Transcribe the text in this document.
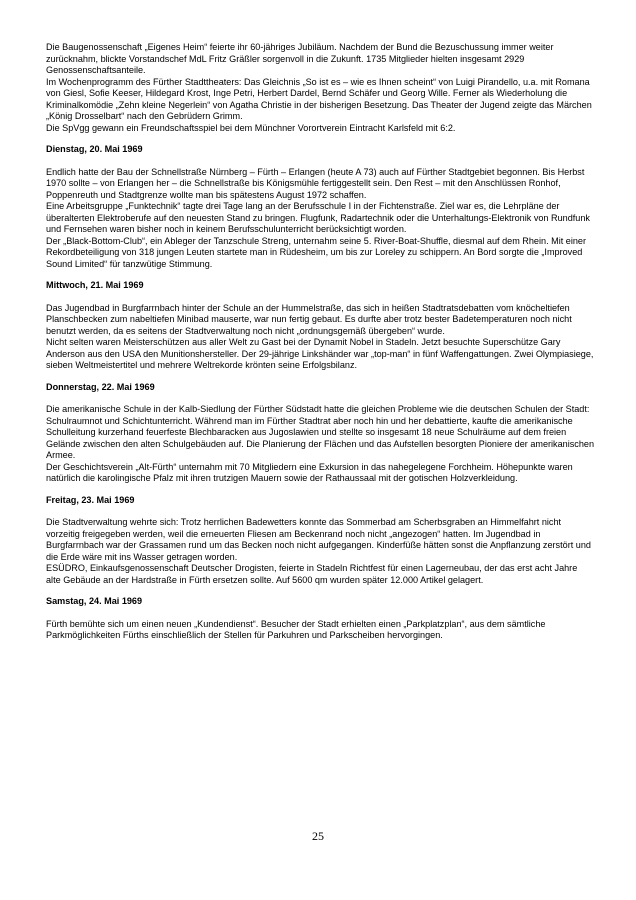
Die Baugenossenschaft „Eigenes Heim“ feierte ihr 60-jähriges Jubiläum. Nachdem der Bund die Bezuschussung immer weiter zurücknahm, blickte Vorstandschef MdL Fritz Gräßler sorgenvoll in die Zukunft. 1735 Mitglieder hielten insgesamt 2929 Genossenschaftsanteile.

Im Wochenprogramm des Fürther Stadttheaters: Das Gleichnis „So ist es – wie es Ihnen scheint“ von Luigi Pirandello, u.a. mit Romana von Giesl, Sofie Keeser, Hildegard Krost, Inge Petri, Herbert Dardel, Bernd Schäfer und Georg Wille. Ferner als Wiederholung die Kriminalkomödie „Zehn kleine Negerlein“ von Agatha Christie in der bisherigen Besetzung. Das Theater der Jugend zeigte das Märchen „König Drosselbart“ nach den Gebrüdern Grimm.

Die SpVgg gewann ein Freundschaftsspiel bei dem Münchner Vorortverein Eintracht Karlsfeld mit 6:2.

Dienstag, 20. Mai 1969

Endlich hatte der Bau der Schnellstraße Nürnberg – Fürth – Erlangen (heute A 73) auch auf Fürther Stadtgebiet begonnen. Bis Herbst 1970 sollte – von Erlangen her – die Schnellstraße bis Königsmühle fertiggestellt sein. Den Rest – mit den Anschlüssen Ronhof, Poppenreuth und Stadtgrenze wollte man bis spätestens August 1972 schaffen.

Eine Arbeitsgruppe „Funktechnik“ tagte drei Tage lang an der Berufsschule I in der Fichtenstraße. Ziel war es, die Lehrpläne der überalterten Elektroberufe auf den neuesten Stand zu bringen. Flugfunk, Radartechnik oder die Unterhaltungs-Elektronik von Rundfunk und Fernsehen waren bisher noch in keinem Berufsschulunterricht berücksichtigt worden.

Der „Black-Bottom-Club“, ein Ableger der Tanzschule Streng, unternahm seine 5. River-Boat-Shuffle, diesmal auf dem Rhein. Mit einer Rekordbeteiligung von 318 jungen Leuten startete man in Rüdesheim, um bis zur Loreley zu schippern. An Bord sorgte die „Improved Sound Limited“ für tanzwütige Stimmung.

Mittwoch, 21. Mai 1969

Das Jugendbad in Burgfarrnbach hinter der Schule an der Hummelstraße, das sich in heißen Stadtratsdebatten vom knöcheltiefen Planschbecken zum nabeltiefen Minibad mauserte, war nun fertig gebaut. Es durfte aber trotz bester Badetemperaturen noch nicht benutzt werden, da es seitens der Stadtverwaltung noch nicht „ordnungsgemäß übergeben“ wurde.

Nicht selten waren Meisterschützen aus aller Welt zu Gast bei der Dynamit Nobel in Stadeln. Jetzt besuchte Superschütze Gary Anderson aus den USA den Munitionshersteller. Der 29-jährige Linkshänder war „top-man“ in fünf Waffengattungen. Zwei Olympiasiege, sieben Weltmeistertitel und mehrere Weltrekorde krönten seine Erfolgsbilanz.

Donnerstag, 22. Mai 1969

Die amerikanische Schule in der Kalb-Siedlung der Fürther Südstadt hatte die gleichen Probleme wie die deutschen Schulen der Stadt: Schulraumnot und Schichtunterricht. Während man im Fürther Stadtrat aber noch hin und her debattierte, kaufte die amerikanische Schulleitung kurzerhand feuerfeste Blechbaracken aus Jugoslawien und stellte so insgesamt 18 neue Schulräume auf dem freien Gelände zwischen den alten Schulgebäuden auf. Die Planierung der Flächen und das Aufstellen besorgten Pioniere der amerikanischen Armee.

Der Geschichtsverein „Alt-Fürth“ unternahm mit 70 Mitgliedern eine Exkursion in das nahegelegene Forchheim. Höhepunkte waren natürlich die karolingische Pfalz mit ihren trutzigen Mauern sowie der Rathaussaal mit der gotischen Holzverkleidung.

Freitag, 23. Mai 1969

Die Stadtverwaltung wehrte sich: Trotz herrlichen Badewetters konnte das Sommerbad am Scherbsgraben an Himmelfahrt nicht vorzeitig freigegeben werden, weil die erneuerten Fliesen am Beckenrand noch nicht „angezogen“ hatten. Im Jugendbad in Burgfarrnbach war der Grassamen rund um das Becken noch nicht aufgegangen. Kinderfüße hätten sonst die Anpflanzung zerstört und die Erde wäre mit ins Wasser getragen worden.

ESÜDRO, Einkaufsgenossenschaft Deutscher Drogisten, feierte in Stadeln Richtfest für einen Lagerneubau, der das erst acht Jahre alte Gebäude an der Hardstraße in Fürth ersetzen sollte. Auf 5600 qm wurden später 12.000 Artikel gelagert.

Samstag, 24. Mai 1969

Fürth bemühte sich um einen neuen „Kundendienst“. Besucher der Stadt erhielten einen „Parkplatzplan“, aus dem sämtliche Parkmöglichkeiten Fürths einschließlich der Stellen für Parkuhren und Parkscheiben hervorgingen.

25
